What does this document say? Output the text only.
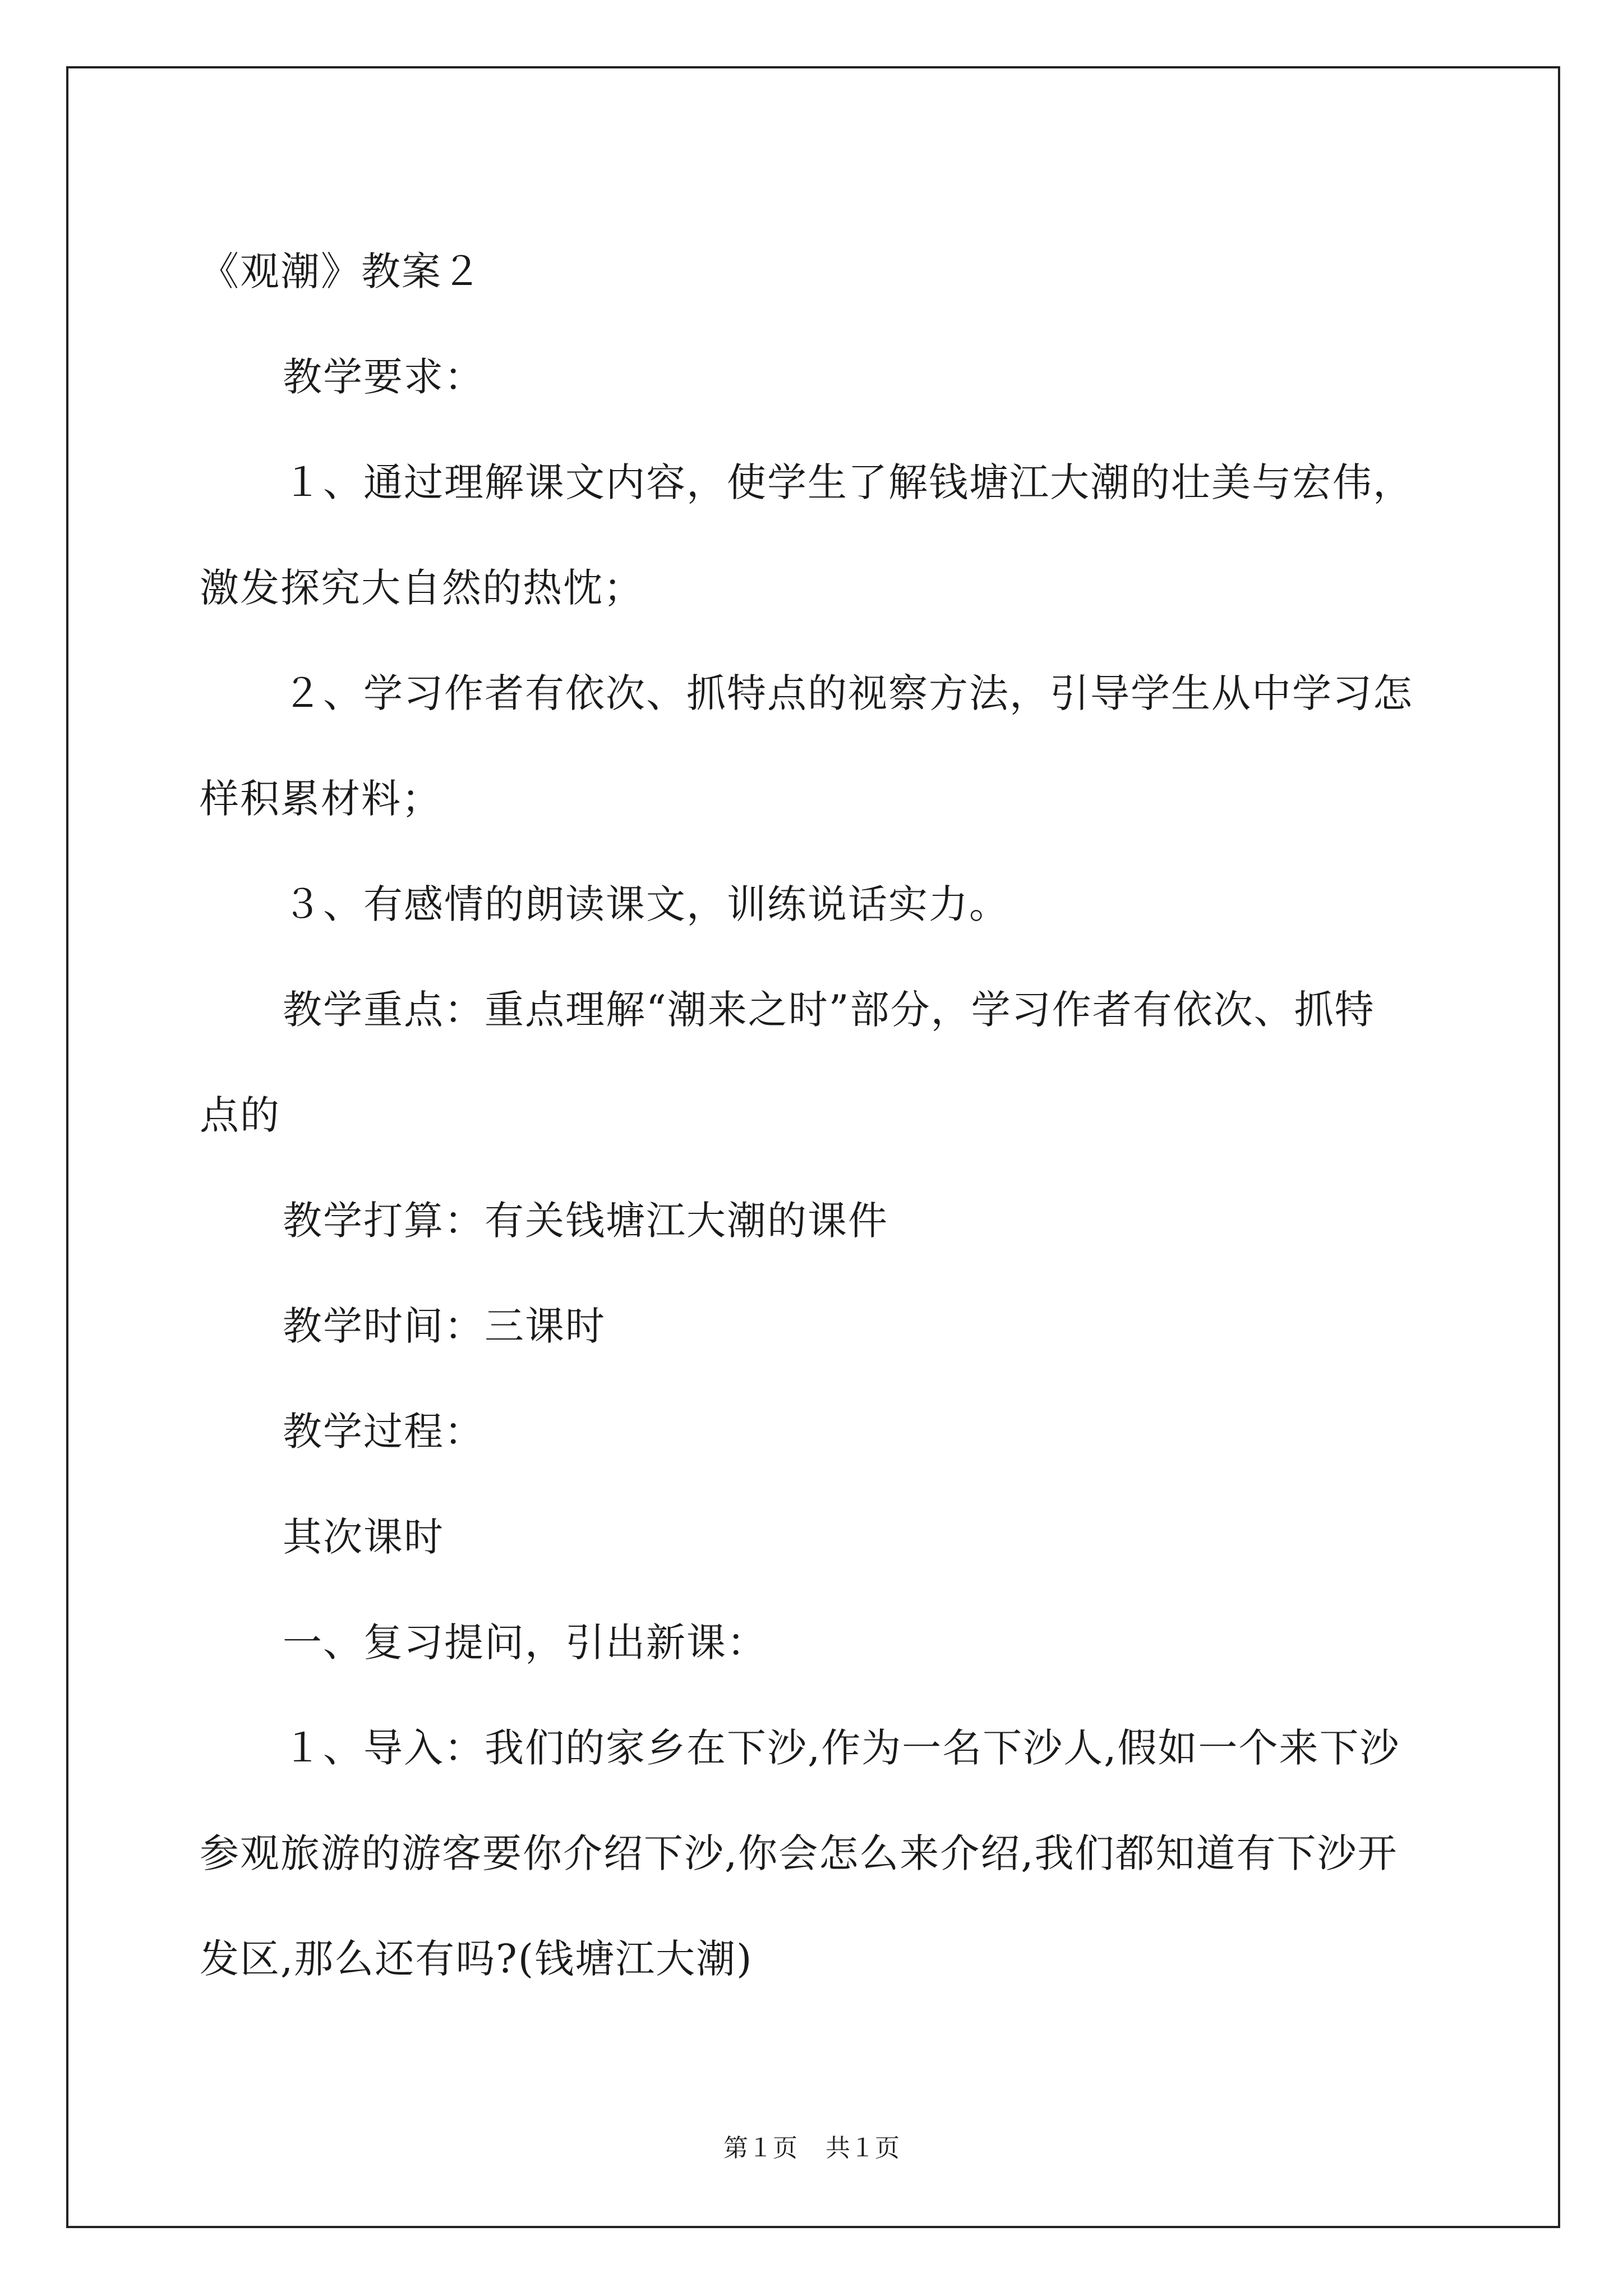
《观潮》教案２
教学要求：
１、通过理解课文内容，使学生了解钱塘江大潮的壮美与宏伟，
激发探究大自然的热忱；
２、学习作者有依次、抓特点的视察方法，引导学生从中学习怎
样积累材料；
３、有感情的朗读课文，训练说话实力。
教学重点：重点理解“潮来之时”部分，学习作者有依次、抓特
点的
教学打算：有关钱塘江大潮的课件
教学时间：三课时
教学过程：
其次课时
一、复习提问，引出新课：
１、导入：我们的家乡在下沙,作为一名下沙人,假如一个来下沙
参观旅游的游客要你介绍下沙,你会怎么来介绍,我们都知道有下沙开
发区,那么还有吗?(钱塘江大潮)
第１页 共１页
